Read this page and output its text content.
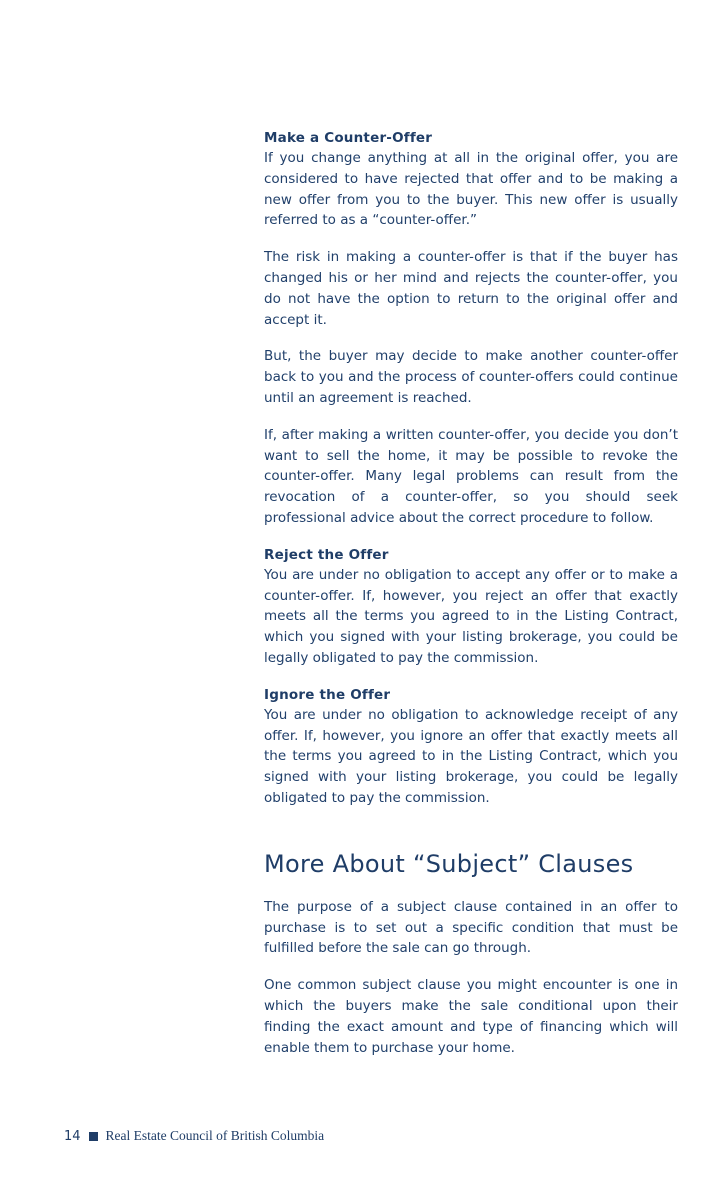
Make a Counter-Offer

If you change anything at all in the original offer, you are considered to have rejected that offer and to be making a new offer from you to the buyer. This new offer is usually referred to as a “counter-offer.”

The risk in making a counter-offer is that if the buyer has changed his or her mind and rejects the counter-offer, you do not have the option to return to the original offer and accept it.

But, the buyer may decide to make another counter-offer back to you and the process of counter-offers could continue until an agreement is reached.

If, after making a written counter-offer, you decide you don’t want to sell the home, it may be possible to revoke the counter-offer. Many legal problems can result from the revocation of a counter-offer, so you should seek professional advice about the correct procedure to follow.

Reject the Offer

You are under no obligation to accept any offer or to make a counter-offer. If, however, you reject an offer that exactly meets all the terms you agreed to in the Listing Contract, which you signed with your listing brokerage, you could be legally obligated to pay the commission.

Ignore the Offer

You are under no obligation to acknowledge receipt of any offer. If, however, you ignore an offer that exactly meets all the terms you agreed to in the Listing Contract, which you signed with your listing brokerage, you could be legally obligated to pay the commission.

More About “Subject” Clauses

The purpose of a subject clause contained in an offer to purchase is to set out a specific condition that must be fulfilled before the sale can go through.

One common subject clause you might encounter is one in which the buyers make the sale conditional upon their finding the exact amount and type of financing which will enable them to purchase your home.

14 Real Estate Council of British Columbia
